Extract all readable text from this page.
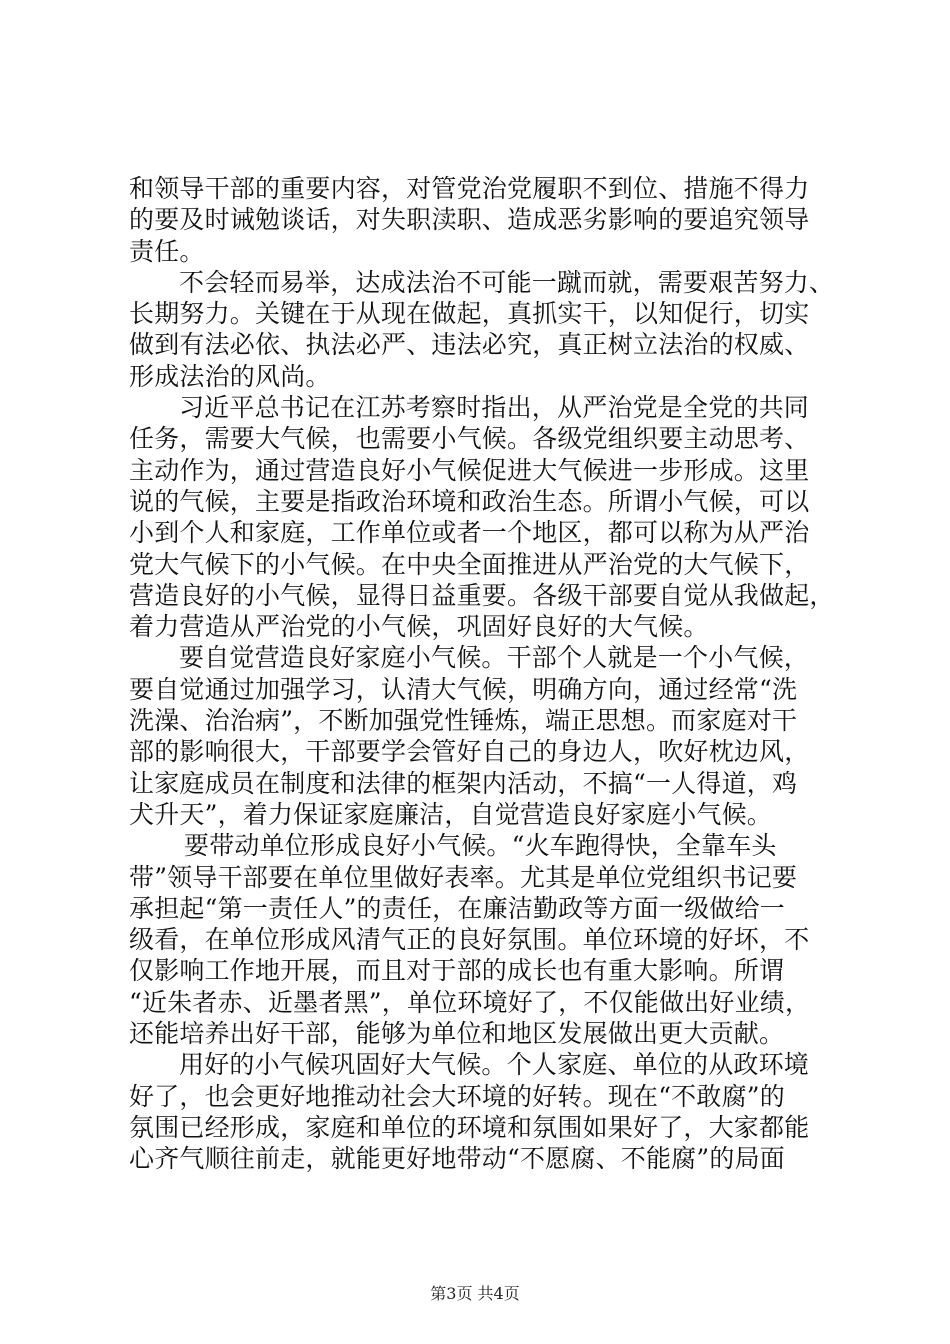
和领导干部的重要内容，对管党治党履职不到位、措施不得力
的要及时诫勉谈话，对失职渎职、造成恶劣影响的要追究领导
责任。
不会轻而易举，达成法治不可能一蹴而就，需要艰苦努力、
长期努力。关键在于从现在做起，真抓实干，以知促行，切实
做到有法必依、执法必严、违法必究，真正树立法治的权威、
形成法治的风尚。
习近平总书记在江苏考察时指出，从严治党是全党的共同
任务，需要大气候，也需要小气候。各级党组织要主动思考、
主动作为，通过营造良好小气候促进大气候进一步形成。这里
说的气候，主要是指政治环境和政治生态。所谓小气候，可以
小到个人和家庭，工作单位或者一个地区，都可以称为从严治
党大气候下的小气候。在中央全面推进从严治党的大气候下，
营造良好的小气候，显得日益重要。各级干部要自觉从我做起，
着力营造从严治党的小气候，巩固好良好的大气候。
要自觉营造良好家庭小气候。干部个人就是一个小气候，
要自觉通过加强学习，认清大气候，明确方向，通过经常“洗
洗澡、治治病”，不断加强党性锤炼，端正思想。而家庭对干
部的影响很大，干部要学会管好自己的身边人，吹好枕边风，
让家庭成员在制度和法律的框架内活动，不搞“一人得道，鸡
犬升天”，着力保证家庭廉洁，自觉营造良好家庭小气候。
要带动单位形成良好小气候。“火车跑得快，全靠车头
带”领导干部要在单位里做好表率。尤其是单位党组织书记要
承担起“第一责任人”的责任，在廉洁勤政等方面一级做给一
级看，在单位形成风清气正的良好氛围。单位环境的好坏，不
仅影响工作地开展，而且对于部的成长也有重大影响。所谓
“近朱者赤、近墨者黑”，单位环境好了，不仅能做出好业绩，
还能培养出好干部，能够为单位和地区发展做出更大贡献。
用好的小气候巩固好大气候。个人家庭、单位的从政环境
好了，也会更好地推动社会大环境的好转。现在“不敢腐”的
氛围已经形成，家庭和单位的环境和氛围如果好了，大家都能
心齐气顺往前走，就能更好地带动“不愿腐、不能腐”的局面
第3页 共4页
